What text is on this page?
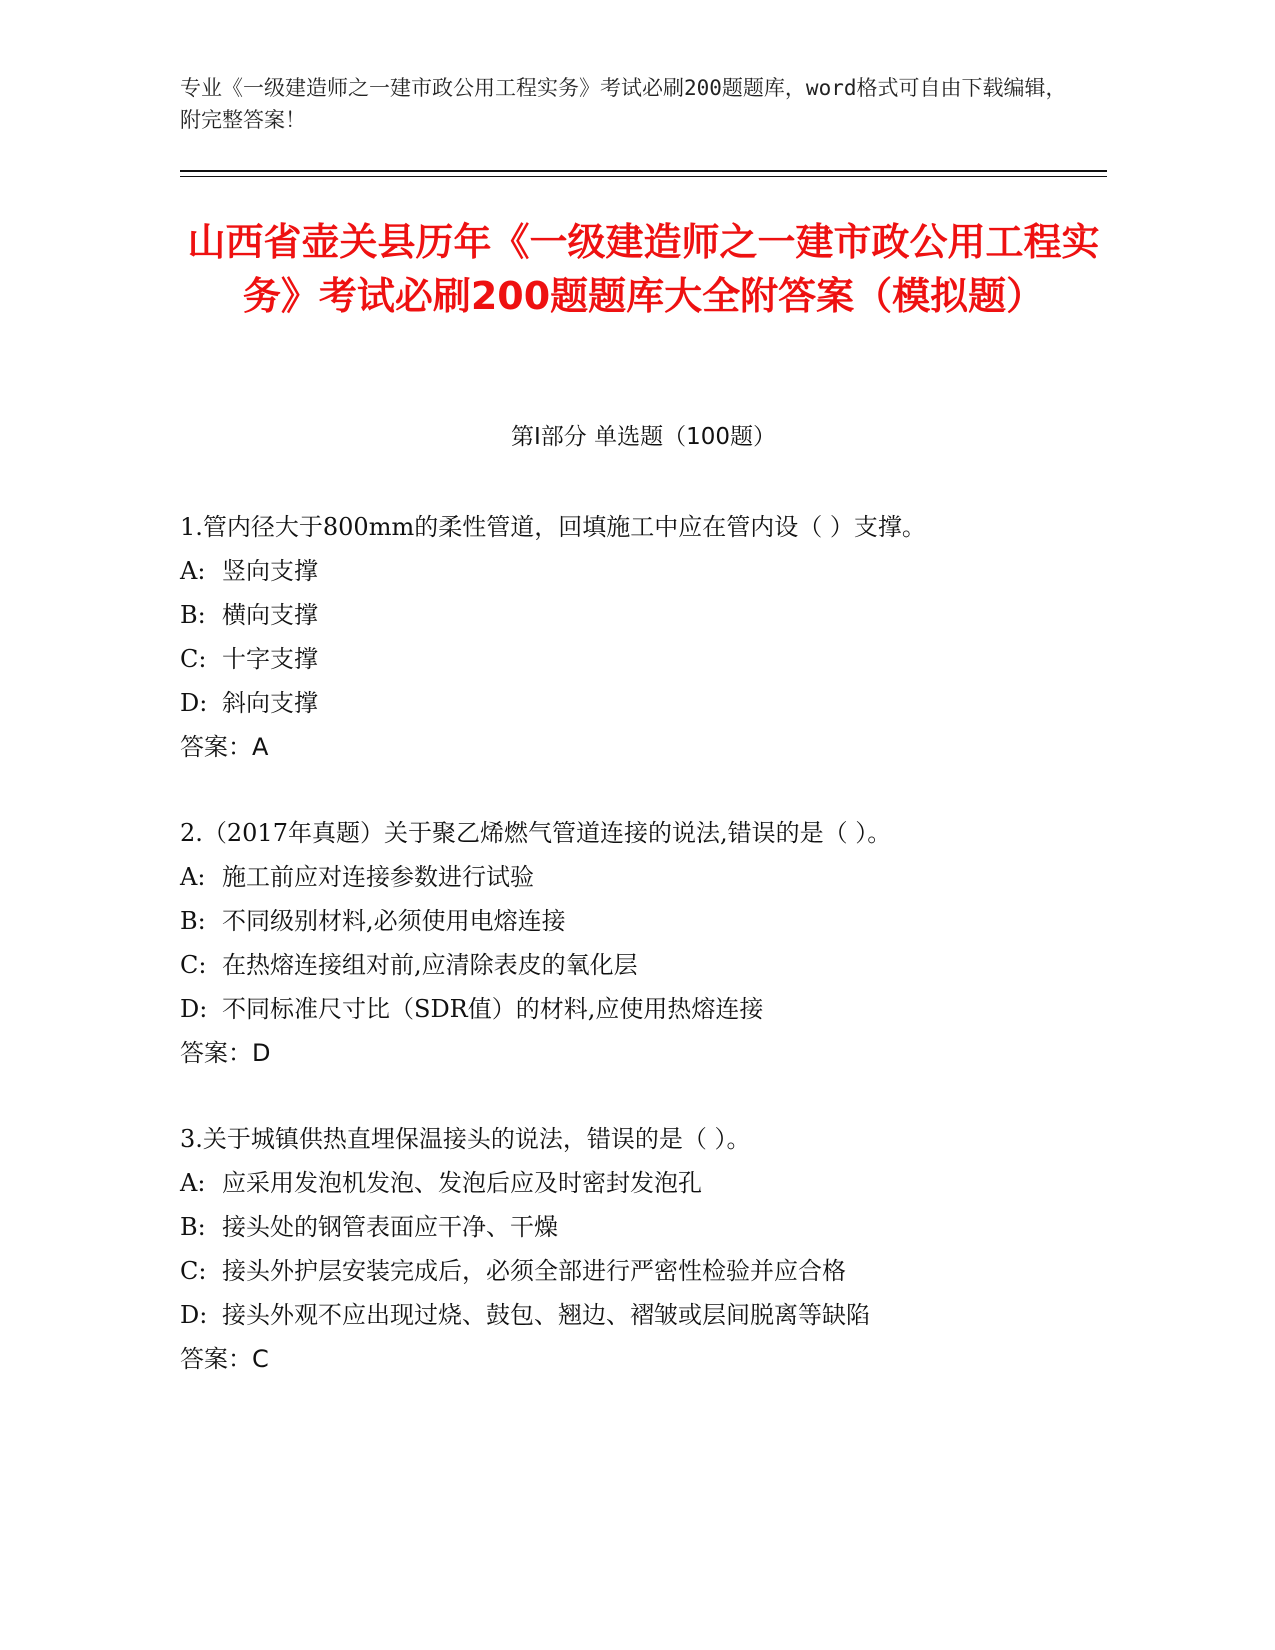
专业《一级建造师之一建市政公用工程实务》考试必刷200题题库，word格式可自由下载编辑，附完整答案！
山西省壶关县历年《一级建造师之一建市政公用工程实务》考试必刷200题题库大全附答案（模拟题）
第I部分 单选题（100题）
1.管内径大于800mm的柔性管道，回填施工中应在管内设（ ）支撑。
A: 竖向支撑
B: 横向支撑
C: 十字支撑
D: 斜向支撑
答案：A
2.（2017年真题）关于聚乙烯燃气管道连接的说法,错误的是（ ）。
A: 施工前应对连接参数进行试验
B: 不同级别材料,必须使用电熔连接
C: 在热熔连接组对前,应清除表皮的氧化层
D: 不同标准尺寸比（SDR值）的材料,应使用热熔连接
答案：D
3.关于城镇供热直埋保温接头的说法，错误的是（ ）。
A: 应采用发泡机发泡、发泡后应及时密封发泡孔
B: 接头处的钢管表面应干净、干燥
C: 接头外护层安装完成后，必须全部进行严密性检验并应合格
D: 接头外观不应出现过烧、鼓包、翘边、褶皱或层间脱离等缺陷
答案：C
